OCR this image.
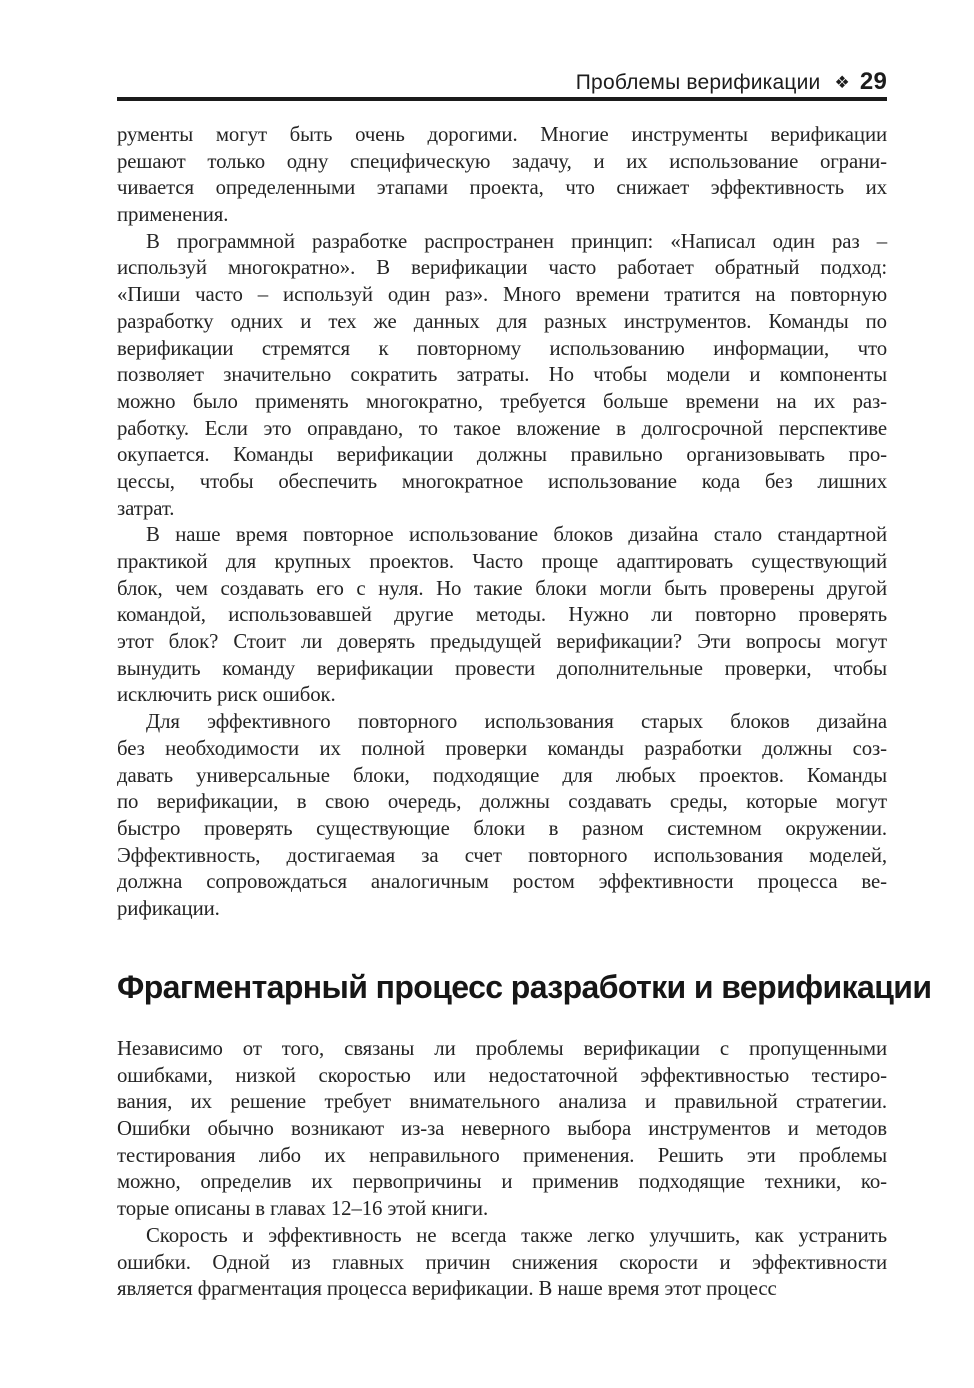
Проблемы верификации ❖ 29
рументы могут быть очень дорогими. Многие инструменты верификации
решают только одну специфическую задачу, и их использование ограни-
чивается определенными этапами проекта, что снижает эффективность их
применения.
В программной разработке распространен принцип: «Написал один раз –
используй многократно». В верификации часто работает обратный подход:
«Пиши часто – используй один раз». Много времени тратится на повторную
разработку одних и тех же данных для разных инструментов. Команды по
верификации стремятся к повторному использованию информации, что
позволяет значительно сократить затраты. Но чтобы модели и компоненты
можно было применять многократно, требуется больше времени на их раз-
работку. Если это оправдано, то такое вложение в долгосрочной перспективе
окупается. Команды верификации должны правильно организовывать про-
цессы, чтобы обеспечить многократное использование кода без лишних
затрат.
В наше время повторное использование блоков дизайна стало стандартной
практикой для крупных проектов. Часто проще адаптировать существующий
блок, чем создавать его с нуля. Но такие блоки могли быть проверены другой
командой, использовавшей другие методы. Нужно ли повторно проверять
этот блок? Стоит ли доверять предыдущей верификации? Эти вопросы могут
вынудить команду верификации провести дополнительные проверки, чтобы
исключить риск ошибок.
Для эффективного повторного использования старых блоков дизайна
без необходимости их полной проверки команды разработки должны соз-
давать универсальные блоки, подходящие для любых проектов. Команды
по верификации, в свою очередь, должны создавать среды, которые могут
быстро проверять существующие блоки в разном системном окружении.
Эффективность, достигаемая за счет повторного использования моделей,
должна сопровождаться аналогичным ростом эффективности процесса ве-
рификации.
Фрагментарный процесс разработки и верификации
Независимо от того, связаны ли проблемы верификации с пропущенными
ошибками, низкой скоростью или недостаточной эффективностью тестиро-
вания, их решение требует внимательного анализа и правильной стратегии.
Ошибки обычно возникают из-за неверного выбора инструментов и методов
тестирования либо их неправильного применения. Решить эти проблемы
можно, определив их первопричины и применив подходящие техники, ко-
торые описаны в главах 12–16 этой книги.
Скорость и эффективность не всегда также легко улучшить, как устранить
ошибки. Одной из главных причин снижения скорости и эффективности
является фрагментация процесса верификации. В наше время этот процесс
